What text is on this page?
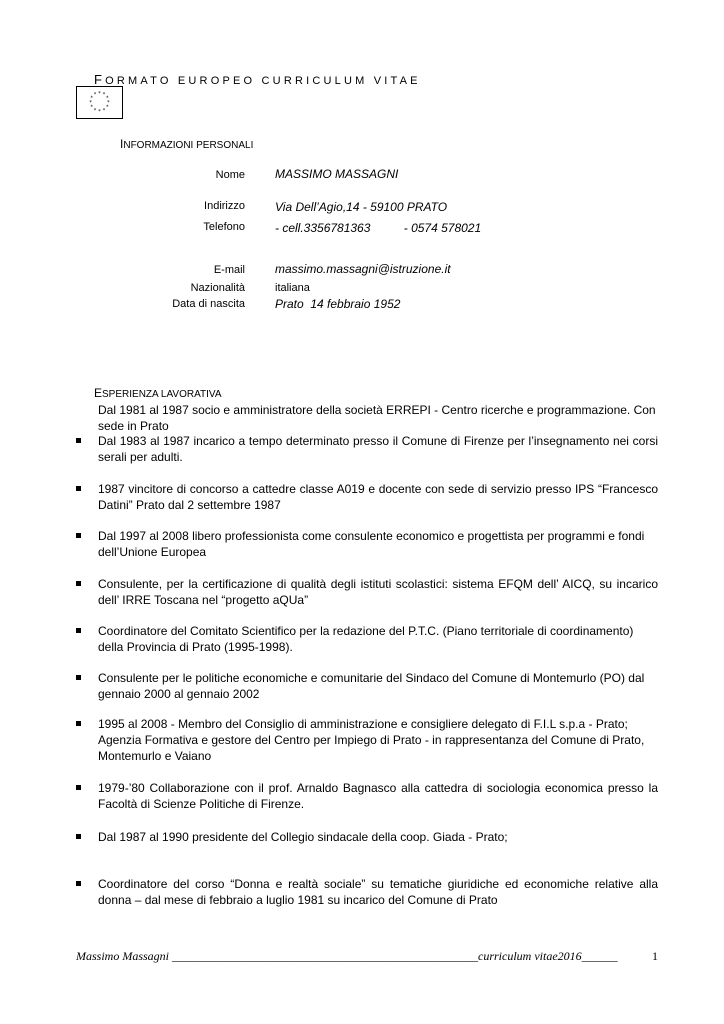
FORMATO EUROPEO CURRICULUM VITAE
* *
*
*
*
*
*
*
*
*
*
*
INFORMAZIONI PERSONALI
Nome	MASSIMO MASSAGNI
Indirizzo	Via Dell’Agio,14 - 59100 PRATO
Telefono	- cell.3356781363          - 0574 578021
E-mail	massimo.massagni@istruzione.it
Nazionalità	italiana
Data di nascita	Prato  14 febbraio 1952
ESPERIENZA LAVORATIVA
Dal 1981 al 1987 socio e amministratore della società ERREPI - Centro ricerche e programmazione. Con sede in Prato
Dal 1983 al 1987 incarico a tempo determinato presso il Comune di Firenze per l’insegnamento nei corsi serali per adulti.
1987 vincitore di concorso a cattedre classe A019 e docente con sede di servizio presso IPS “Francesco Datini” Prato dal 2 settembre 1987
Dal 1997 al 2008 libero professionista come consulente economico e progettista per programmi e fondi dell’Unione Europea
Consulente, per la certificazione di qualità degli istituti scolastici: sistema EFQM dell’ AICQ, su incarico dell’ IRRE Toscana nel “progetto aQUa”
Coordinatore del Comitato Scientifico per la redazione del P.T.C. (Piano territoriale di coordinamento) della Provincia di Prato (1995-1998).
Consulente per le politiche economiche e comunitarie del Sindaco del Comune di Montemurlo (PO) dal gennaio 2000 al gennaio 2002
1995 al 2008 - Membro del Consiglio di amministrazione e consigliere delegato di F.I.L s.p.a - Prato; Agenzia Formativa e gestore del Centro per Impiego di Prato - in rappresentanza del Comune di Prato, Montemurlo e Vaiano
1979-’80 Collaborazione con il prof. Arnaldo Bagnasco alla cattedra di sociologia economica presso la Facoltà di Scienze Politiche di Firenze.
Dal 1987 al 1990 presidente del Collegio sindacale della coop. Giada - Prato;
Coordinatore del corso “Donna e realtà sociale” su tematiche giuridiche ed economiche relative alla donna – dal mese di febbraio a luglio 1981 su incarico del Comune di Prato
Massimo Massagni ___________________________________________________curriculum vitae2016______	1
